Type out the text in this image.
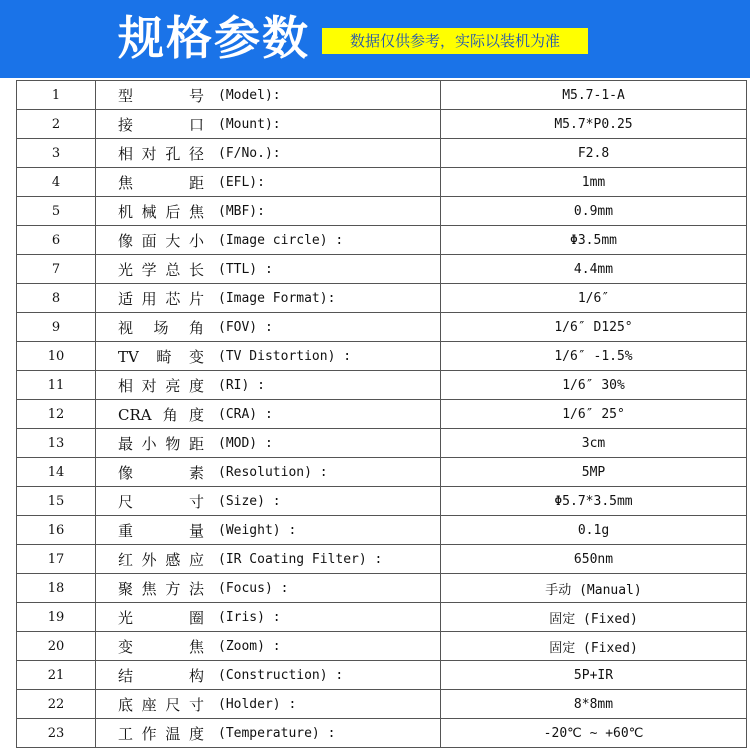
规格参数	数据仅供参考，实际以装机为准
1	型号 (Model):	M5.7-1-A
2	接口 (Mount):	M5.7*P0.25
3	相对孔径 (F/No.):	F2.8
4	焦距 (EFL):	1mm
5	机械后焦 (MBF):	0.9mm
6	像面大小 (Image circle) :	Φ3.5mm
7	光学总长 (TTL) :	4.4mm
8	适用芯片 (Image Format):	1/6″
9	视场角 (FOV) :	1/6″ D125°
10	TV畸变 (TV Distortion) :	1/6″ -1.5%
11	相对亮度 (RI) :	1/6″ 30%
12	CRA角度 (CRA) :	1/6″ 25°
13	最小物距 (MOD) :	3cm
14	像素 (Resolution) :	5MP
15	尺寸 (Size) :	Φ5.7*3.5mm
16	重量 (Weight) :	0.1g
17	红外感应 (IR Coating Filter) :	650nm
18	聚焦方法 (Focus) :	手动 (Manual)
19	光圈 (Iris) :	固定 (Fixed)
20	变焦 (Zoom) :	固定 (Fixed)
21	结构 (Construction) :	5P+IR
22	底座尺寸 (Holder) :	8*8mm
23	工作温度 (Temperature) :	-20℃ ~ +60℃
